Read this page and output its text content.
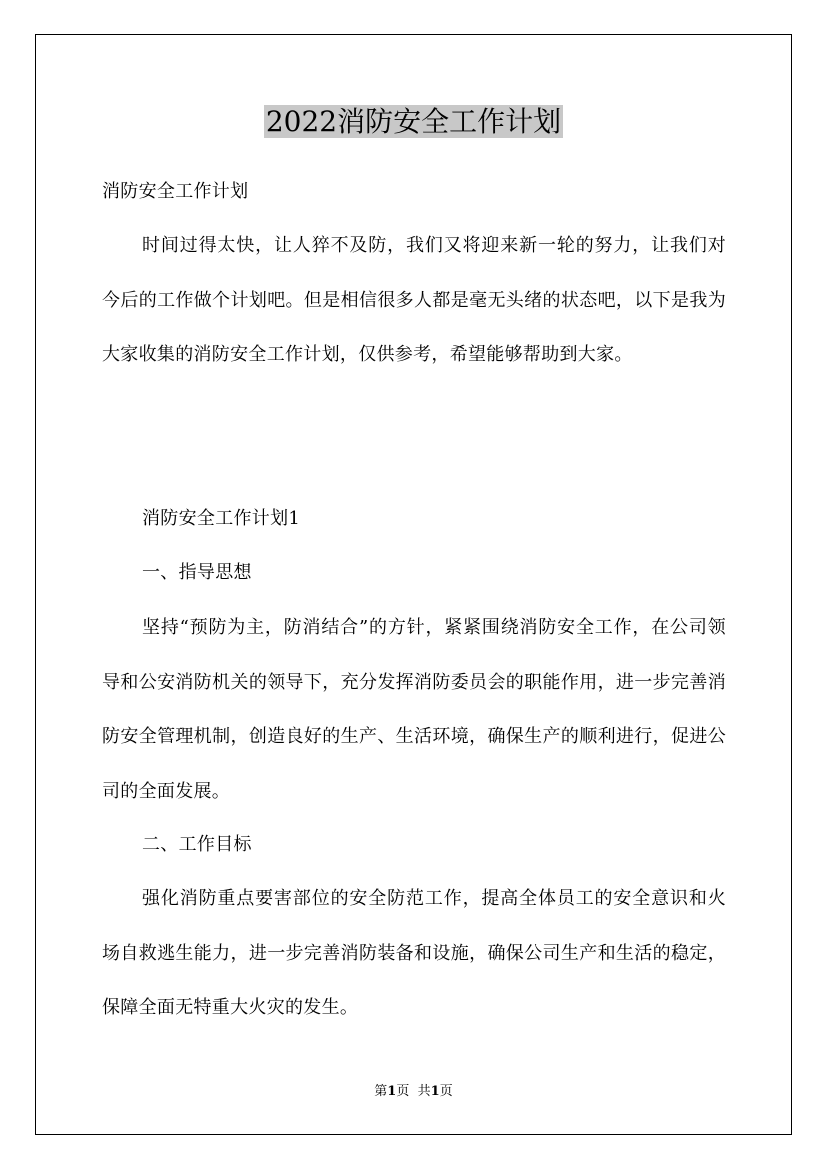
2022消防安全工作计划

消防安全工作计划

时间过得太快，让人猝不及防，我们又将迎来新一轮的努力，让我们对今后的工作做个计划吧。但是相信很多人都是毫无头绪的状态吧，以下是我为大家收集的消防安全工作计划，仅供参考，希望能够帮助到大家。

消防安全工作计划1

一、指导思想

坚持“预防为主，防消结合”的方针，紧紧围绕消防安全工作，在公司领导和公安消防机关的领导下，充分发挥消防委员会的职能作用，进一步完善消防安全管理机制，创造良好的生产、生活环境，确保生产的顺利进行，促进公司的全面发展。

二、工作目标

强化消防重点要害部位的安全防范工作，提高全体员工的安全意识和火场自救逃生能力，进一步完善消防装备和设施，确保公司生产和生活的稳定，保障全面无特重大火灾的发生。

第1页 共1页
